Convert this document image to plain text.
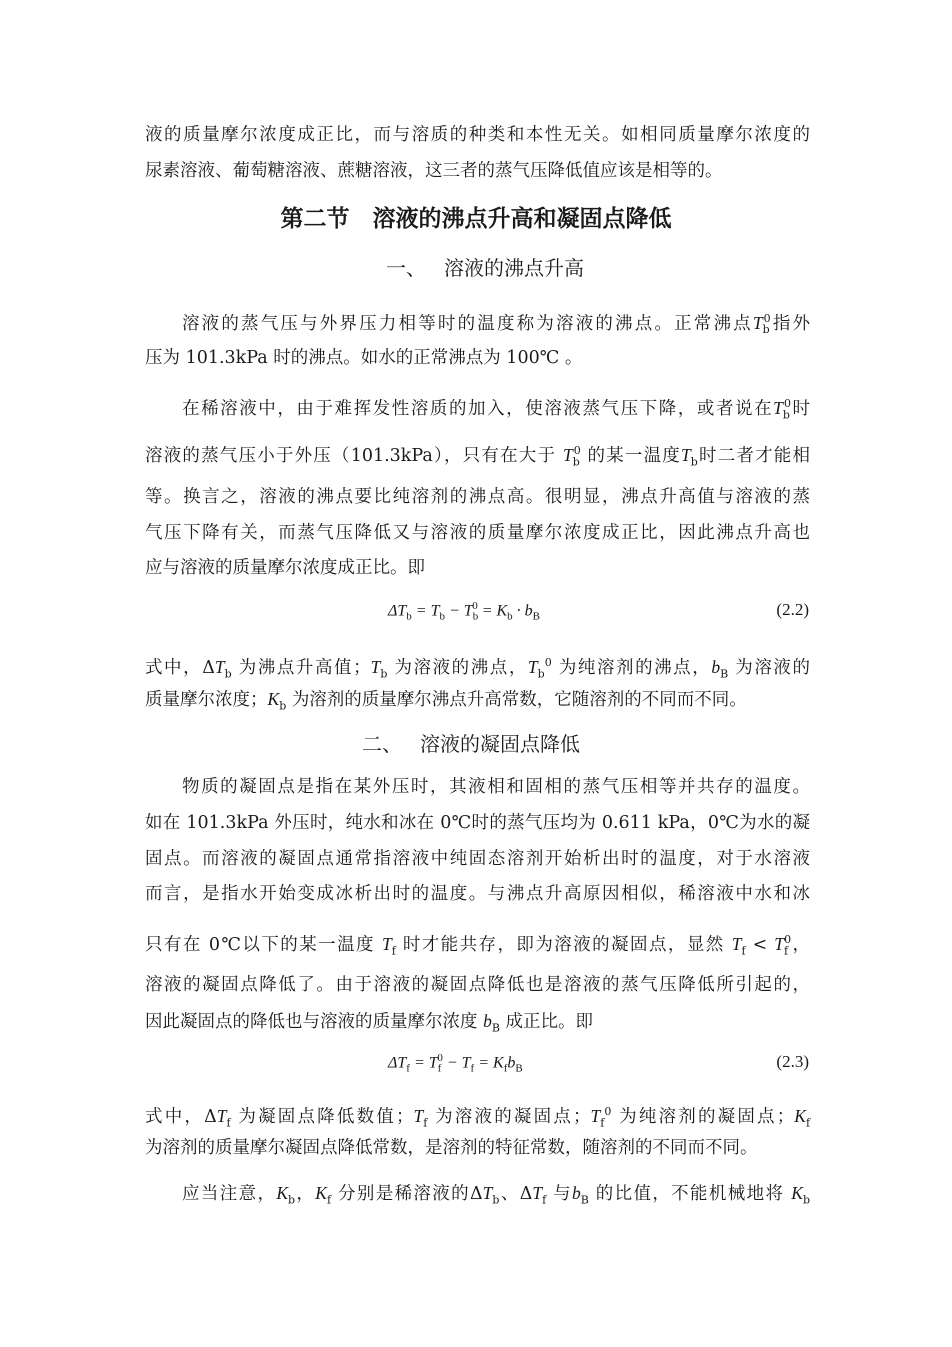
液的质量摩尔浓度成正比，而与溶质的种类和本性无关。如相同质量摩尔浓度的
尿素溶液、葡萄糖溶液、蔗糖溶液，这三者的蒸气压降低值应该是相等的。
第二节　溶液的沸点升高和凝固点降低
一、 溶液的沸点升高
溶液的蒸气压与外界压力相等时的温度称为溶液的沸点。正常沸点$T_b^0$指外
压为 101.3kPa 时的沸点。如水的正常沸点为 100℃ 。
在稀溶液中，由于难挥发性溶质的加入，使溶液蒸气压下降，或者说在$T_b^0$时
溶液的蒸气压小于外压（101.3kPa），只有在大于 $T_b^0$ 的某一温度$T_b$时二者才能相
等。换言之，溶液的沸点要比纯溶剂的沸点高。很明显，沸点升高值与溶液的蒸
气压下降有关，而蒸气压降低又与溶液的质量摩尔浓度成正比，因此沸点升高也
应与溶液的质量摩尔浓度成正比。即
$\Delta T_b = T_b - T_b^0 = K_b \cdot b_B$	(2.2)
式中，$\Delta T_b$ 为沸点升高值；$T_b$ 为溶液的沸点，$T_b^0$ 为纯溶剂的沸点，$b_B$ 为溶液的
质量摩尔浓度；$K_b$ 为溶剂的质量摩尔沸点升高常数，它随溶剂的不同而不同。
二、 溶液的凝固点降低
物质的凝固点是指在某外压时，其液相和固相的蒸气压相等并共存的温度。
如在 101.3kPa 外压时，纯水和冰在 0℃时的蒸气压均为 0.611 kPa，0℃为水的凝
固点。而溶液的凝固点通常指溶液中纯固态溶剂开始析出时的温度，对于水溶液
而言，是指水开始变成冰析出时的温度。与沸点升高原因相似，稀溶液中水和冰
只有在 0℃以下的某一温度 $T_f$ 时才能共存，即为溶液的凝固点，显然 $T_f < T_f^0$，
溶液的凝固点降低了。由于溶液的凝固点降低也是溶液的蒸气压降低所引起的，
因此凝固点的降低也与溶液的质量摩尔浓度 $b_B$ 成正比。即
$\Delta T_f = T_f^0 - T_f = K_fb_B$	(2.3)
式中，$\Delta T_f$ 为凝固点降低数值；$T_f$ 为溶液的凝固点；$T_f^0$ 为纯溶剂的凝固点；$K_f$
为溶剂的质量摩尔凝固点降低常数，是溶剂的特征常数，随溶剂的不同而不同。
应当注意，$K_b$，$K_f$ 分别是稀溶液的$\Delta T_b$、$\Delta T_f$ 与$b_B$ 的比值，不能机械地将 $K_b$
